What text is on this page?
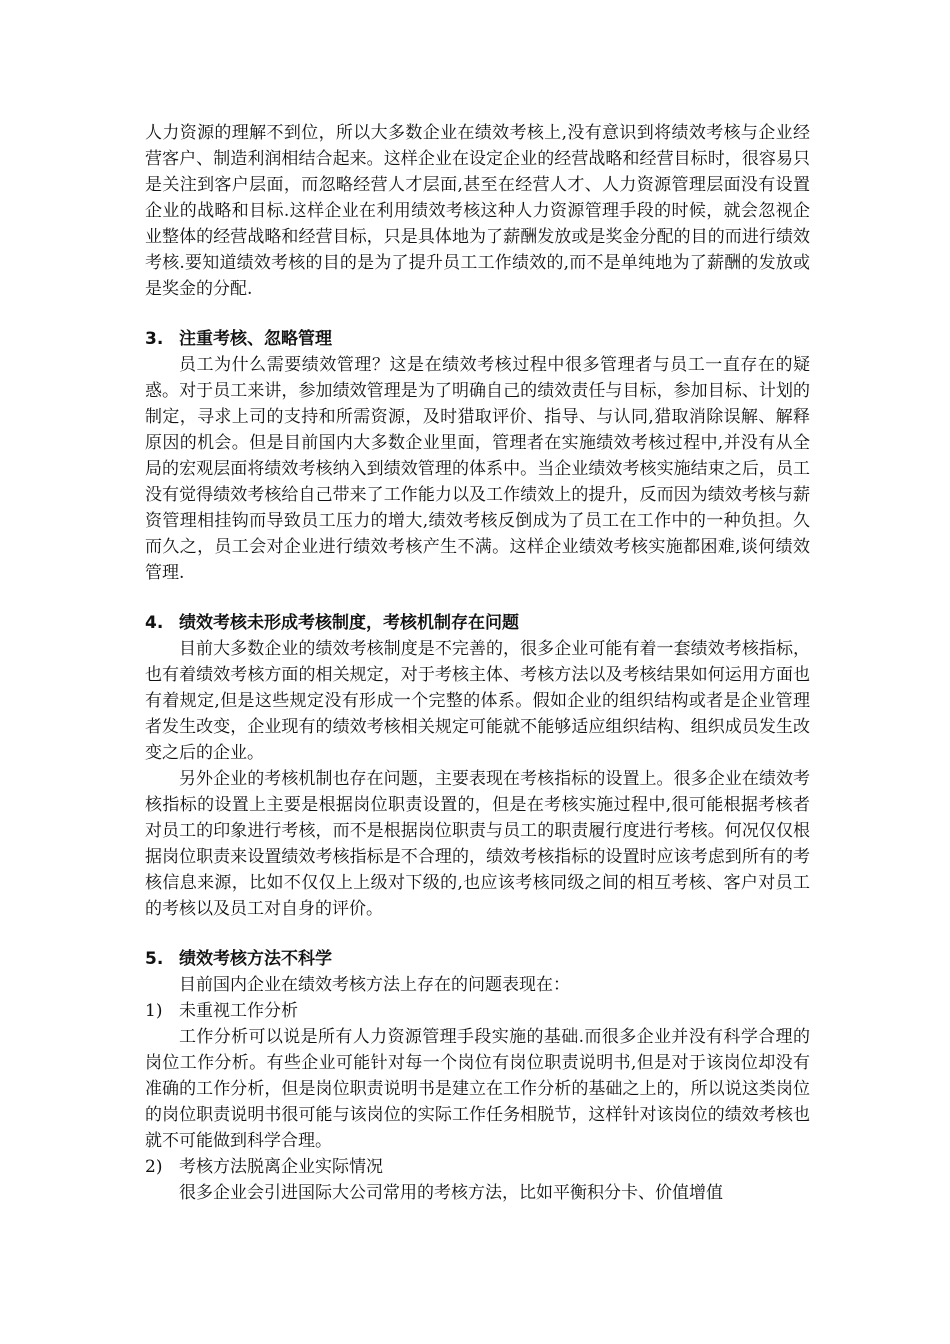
人力资源的理解不到位，所以大多数企业在绩效考核上,没有意识到将绩效考核与企业经营客户、制造利润相结合起来。这样企业在设定企业的经营战略和经营目标时，很容易只是关注到客户层面，而忽略经营人才层面,甚至在经营人才、人力资源管理层面没有设置企业的战略和目标.这样企业在利用绩效考核这种人力资源管理手段的时候，就会忽视企业整体的经营战略和经营目标，只是具体地为了薪酬发放或是奖金分配的目的而进行绩效考核.要知道绩效考核的目的是为了提升员工工作绩效的,而不是单纯地为了薪酬的发放或是奖金的分配.

3. 注重考核、忽略管理

员工为什么需要绩效管理？这是在绩效考核过程中很多管理者与员工一直存在的疑惑。对于员工来讲，参加绩效管理是为了明确自己的绩效责任与目标，参加目标、计划的制定，寻求上司的支持和所需资源，及时猎取评价、指导、与认同,猎取消除误解、解释原因的机会。但是目前国内大多数企业里面，管理者在实施绩效考核过程中,并没有从全局的宏观层面将绩效考核纳入到绩效管理的体系中。当企业绩效考核实施结束之后，员工没有觉得绩效考核给自己带来了工作能力以及工作绩效上的提升，反而因为绩效考核与薪资管理相挂钩而导致员工压力的增大,绩效考核反倒成为了员工在工作中的一种负担。久而久之，员工会对企业进行绩效考核产生不满。这样企业绩效考核实施都困难,谈何绩效管理.

4. 绩效考核未形成考核制度，考核机制存在问题

目前大多数企业的绩效考核制度是不完善的，很多企业可能有着一套绩效考核指标，也有着绩效考核方面的相关规定，对于考核主体、考核方法以及考核结果如何运用方面也有着规定,但是这些规定没有形成一个完整的体系。假如企业的组织结构或者是企业管理者发生改变，企业现有的绩效考核相关规定可能就不能够适应组织结构、组织成员发生改变之后的企业。

另外企业的考核机制也存在问题，主要表现在考核指标的设置上。很多企业在绩效考核指标的设置上主要是根据岗位职责设置的，但是在考核实施过程中,很可能根据考核者对员工的印象进行考核，而不是根据岗位职责与员工的职责履行度进行考核。何况仅仅根据岗位职责来设置绩效考核指标是不合理的，绩效考核指标的设置时应该考虑到所有的考核信息来源，比如不仅仅上上级对下级的,也应该考核同级之间的相互考核、客户对员工的考核以及员工对自身的评价。

5. 绩效考核方法不科学

目前国内企业在绩效考核方法上存在的问题表现在：

1) 未重视工作分析

工作分析可以说是所有人力资源管理手段实施的基础.而很多企业并没有科学合理的岗位工作分析。有些企业可能针对每一个岗位有岗位职责说明书,但是对于该岗位却没有准确的工作分析，但是岗位职责说明书是建立在工作分析的基础之上的，所以说这类岗位的岗位职责说明书很可能与该岗位的实际工作任务相脱节，这样针对该岗位的绩效考核也就不可能做到科学合理。

2) 考核方法脱离企业实际情况

很多企业会引进国际大公司常用的考核方法，比如平衡积分卡、价值增值
